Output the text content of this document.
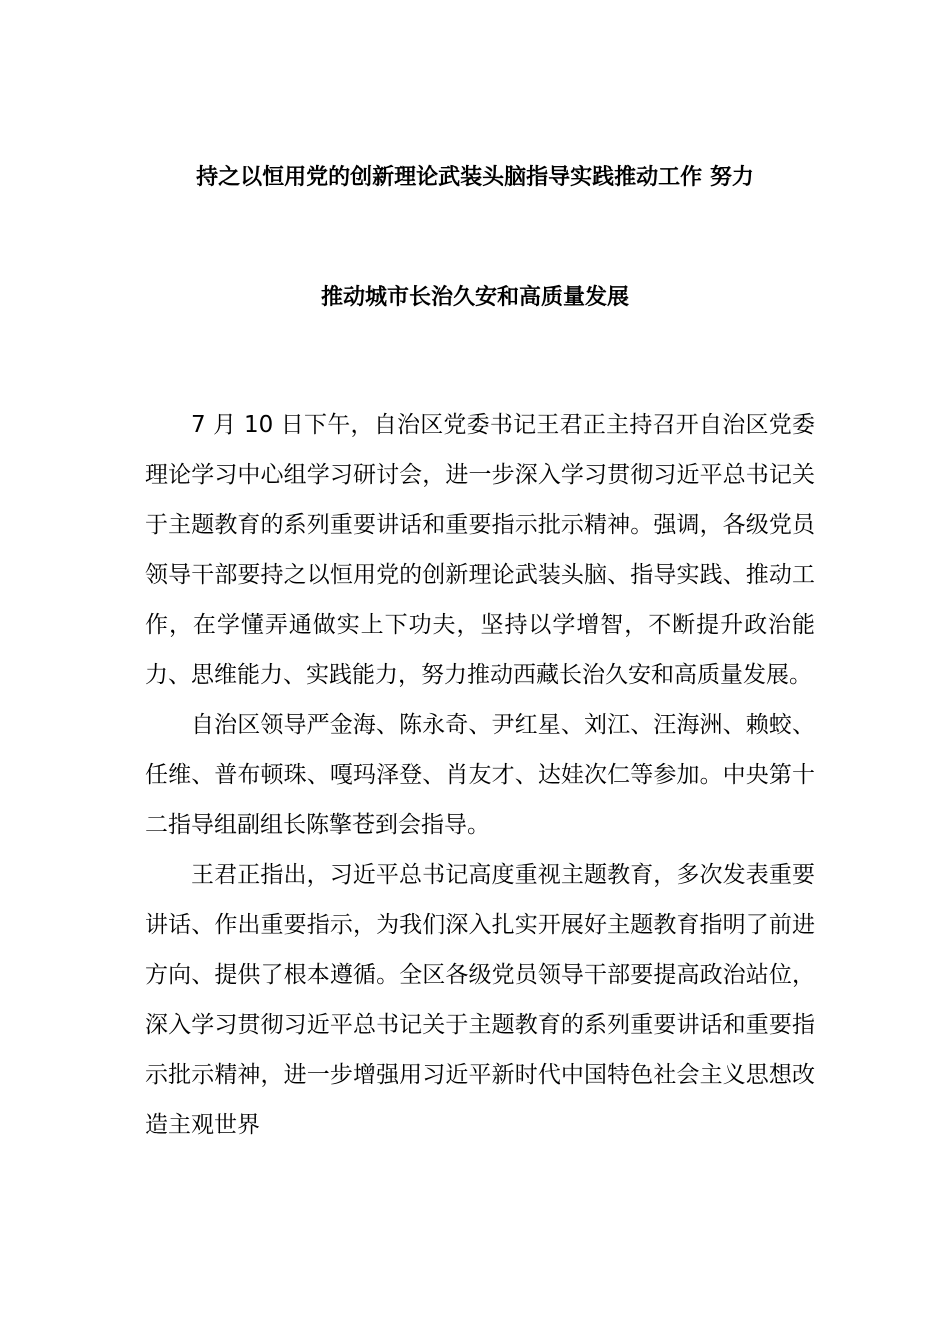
持之以恒用党的创新理论武装头脑指导实践推动工作 努力
推动城市长治久安和高质量发展

7 月 10 日下午，自治区党委书记王君正主持召开自治区党委理论学习中心组学习研讨会，进一步深入学习贯彻习近平总书记关于主题教育的系列重要讲话和重要指示批示精神。强调，各级党员领导干部要持之以恒用党的创新理论武装头脑、指导实践、推动工作，在学懂弄通做实上下功夫，坚持以学增智，不断提升政治能力、思维能力、实践能力，努力推动西藏长治久安和高质量发展。

自治区领导严金海、陈永奇、尹红星、刘江、汪海洲、赖蛟、任维、普布顿珠、嘎玛泽登、肖友才、达娃次仁等参加。中央第十二指导组副组长陈擎苍到会指导。

王君正指出，习近平总书记高度重视主题教育，多次发表重要讲话、作出重要指示，为我们深入扎实开展好主题教育指明了前进方向、提供了根本遵循。全区各级党员领导干部要提高政治站位，深入学习贯彻习近平总书记关于主题教育的系列重要讲话和重要指示批示精神，进一步增强用习近平新时代中国特色社会主义思想改造主观世界
